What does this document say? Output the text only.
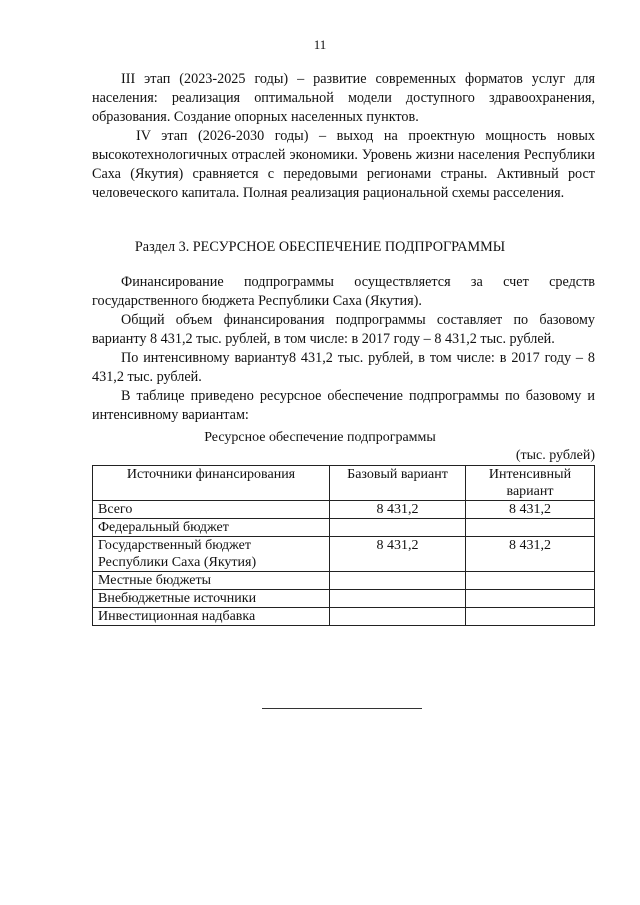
11

III этап (2023-2025 годы) – развитие современных форматов услуг для населения: реализация оптимальной модели доступного здравоохранения, образования. Создание опорных населенных пунктов.

IV этап (2026-2030 годы) – выход на проектную мощность новых высокотехнологичных отраслей экономики. Уровень жизни населения Республики Саха (Якутия) сравняется с передовыми регионами страны. Активный рост человеческого капитала. Полная реализация рациональной схемы расселения.

Раздел 3. РЕСУРСНОЕ ОБЕСПЕЧЕНИЕ ПОДПРОГРАММЫ

Финансирование подпрограммы осуществляется за счет средств государственного бюджета Республики Саха (Якутия).

Общий объем финансирования подпрограммы составляет по базовому варианту 8 431,2 тыс. рублей, в том числе: в 2017 году – 8 431,2 тыс. рублей.

По интенсивному варианту8 431,2 тыс. рублей, в том числе: в 2017 году – 8 431,2 тыс. рублей.

В таблице приведено ресурсное обеспечение подпрограммы по базовому и интенсивному вариантам:

Ресурсное обеспечение подпрограммы
(тыс. рублей)
Источники финансирования	Базовый вариант	Интенсивный вариант
Всего	8 431,2	8 431,2
Федеральный бюджет		
Государственный бюджет Республики Саха (Якутия)	8 431,2	8 431,2
Местные бюджеты		
Внебюджетные источники		
Инвестиционная надбавка		
